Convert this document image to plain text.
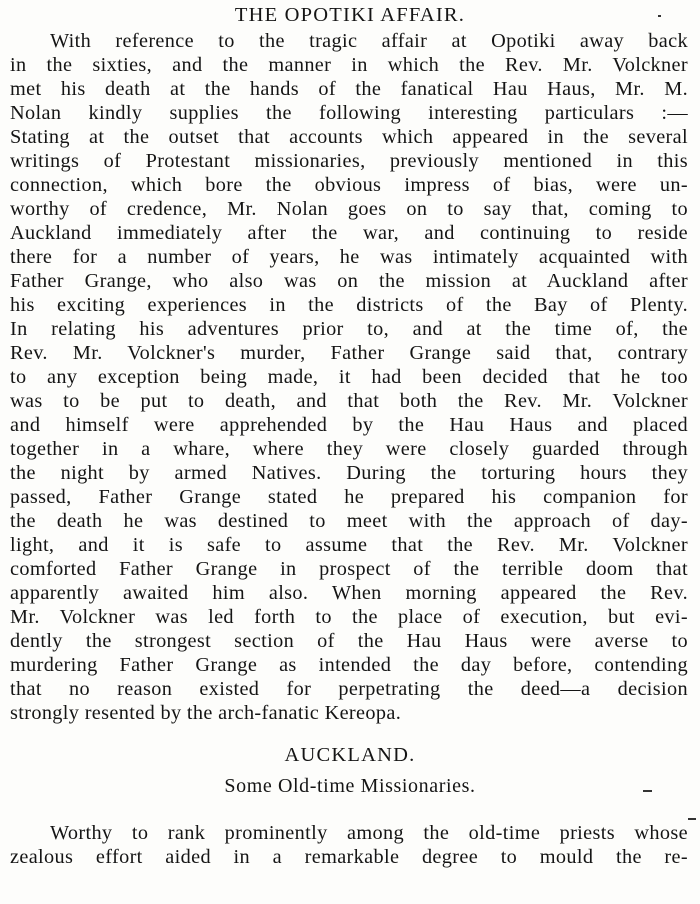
THE OPOTIKI AFFAIR.
With reference to the tragic affair at Opotiki away back
in the sixties, and the manner in which the Rev. Mr. Volckner
met his death at the hands of the fanatical Hau Haus, Mr. M.
Nolan kindly supplies the following interesting particulars :—
Stating at the outset that accounts which appeared in the several
writings of Protestant missionaries, previously mentioned in this
connection, which bore the obvious impress of bias, were un-
worthy of credence, Mr. Nolan goes on to say that, coming to
Auckland immediately after the war, and continuing to reside
there for a number of years, he was intimately acquainted with
Father Grange, who also was on the mission at Auckland after
his exciting experiences in the districts of the Bay of Plenty.
In relating his adventures prior to, and at the time of, the
Rev. Mr. Volckner's murder, Father Grange said that, contrary
to any exception being made, it had been decided that he too
was to be put to death, and that both the Rev. Mr. Volckner
and himself were apprehended by the Hau Haus and placed
together in a whare, where they were closely guarded through
the night by armed Natives. During the torturing hours they
passed, Father Grange stated he prepared his companion for
the death he was destined to meet with the approach of day-
light, and it is safe to assume that the Rev. Mr. Volckner
comforted Father Grange in prospect of the terrible doom that
apparently awaited him also. When morning appeared the Rev.
Mr. Volckner was led forth to the place of execution, but evi-
dently the strongest section of the Hau Haus were averse to
murdering Father Grange as intended the day before, contending
that no reason existed for perpetrating the deed—a decision
strongly resented by the arch-fanatic Kereopa.
AUCKLAND.
Some Old-time Missionaries.
Worthy to rank prominently among the old-time priests whose
zealous effort aided in a remarkable degree to mould the re-
